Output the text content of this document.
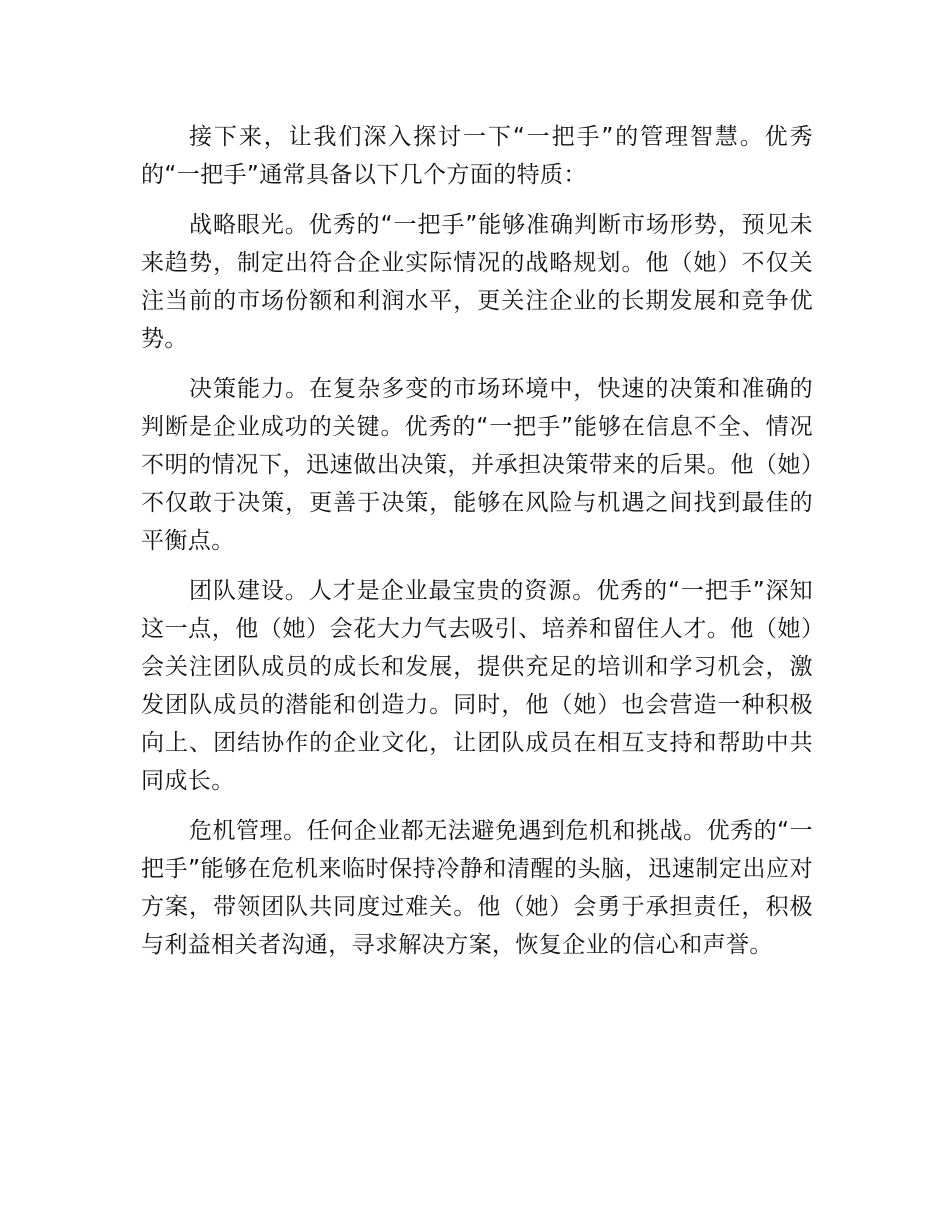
接下来，让我们深入探讨一下“一把手”的管理智慧。优秀的“一把手”通常具备以下几个方面的特质：

战略眼光。优秀的“一把手”能够准确判断市场形势，预见未来趋势，制定出符合企业实际情况的战略规划。他（她）不仅关注当前的市场份额和利润水平，更关注企业的长期发展和竞争优势。

决策能力。在复杂多变的市场环境中，快速的决策和准确的判断是企业成功的关键。优秀的“一把手”能够在信息不全、情况不明的情况下，迅速做出决策，并承担决策带来的后果。他（她）不仅敢于决策，更善于决策，能够在风险与机遇之间找到最佳的平衡点。

团队建设。人才是企业最宝贵的资源。优秀的“一把手”深知这一点，他（她）会花大力气去吸引、培养和留住人才。他（她）会关注团队成员的成长和发展，提供充足的培训和学习机会，激发团队成员的潜能和创造力。同时，他（她）也会营造一种积极向上、团结协作的企业文化，让团队成员在相互支持和帮助中共同成长。

危机管理。任何企业都无法避免遇到危机和挑战。优秀的“一把手”能够在危机来临时保持冷静和清醒的头脑，迅速制定出应对方案，带领团队共同度过难关。他（她）会勇于承担责任，积极与利益相关者沟通，寻求解决方案，恢复企业的信心和声誉。
